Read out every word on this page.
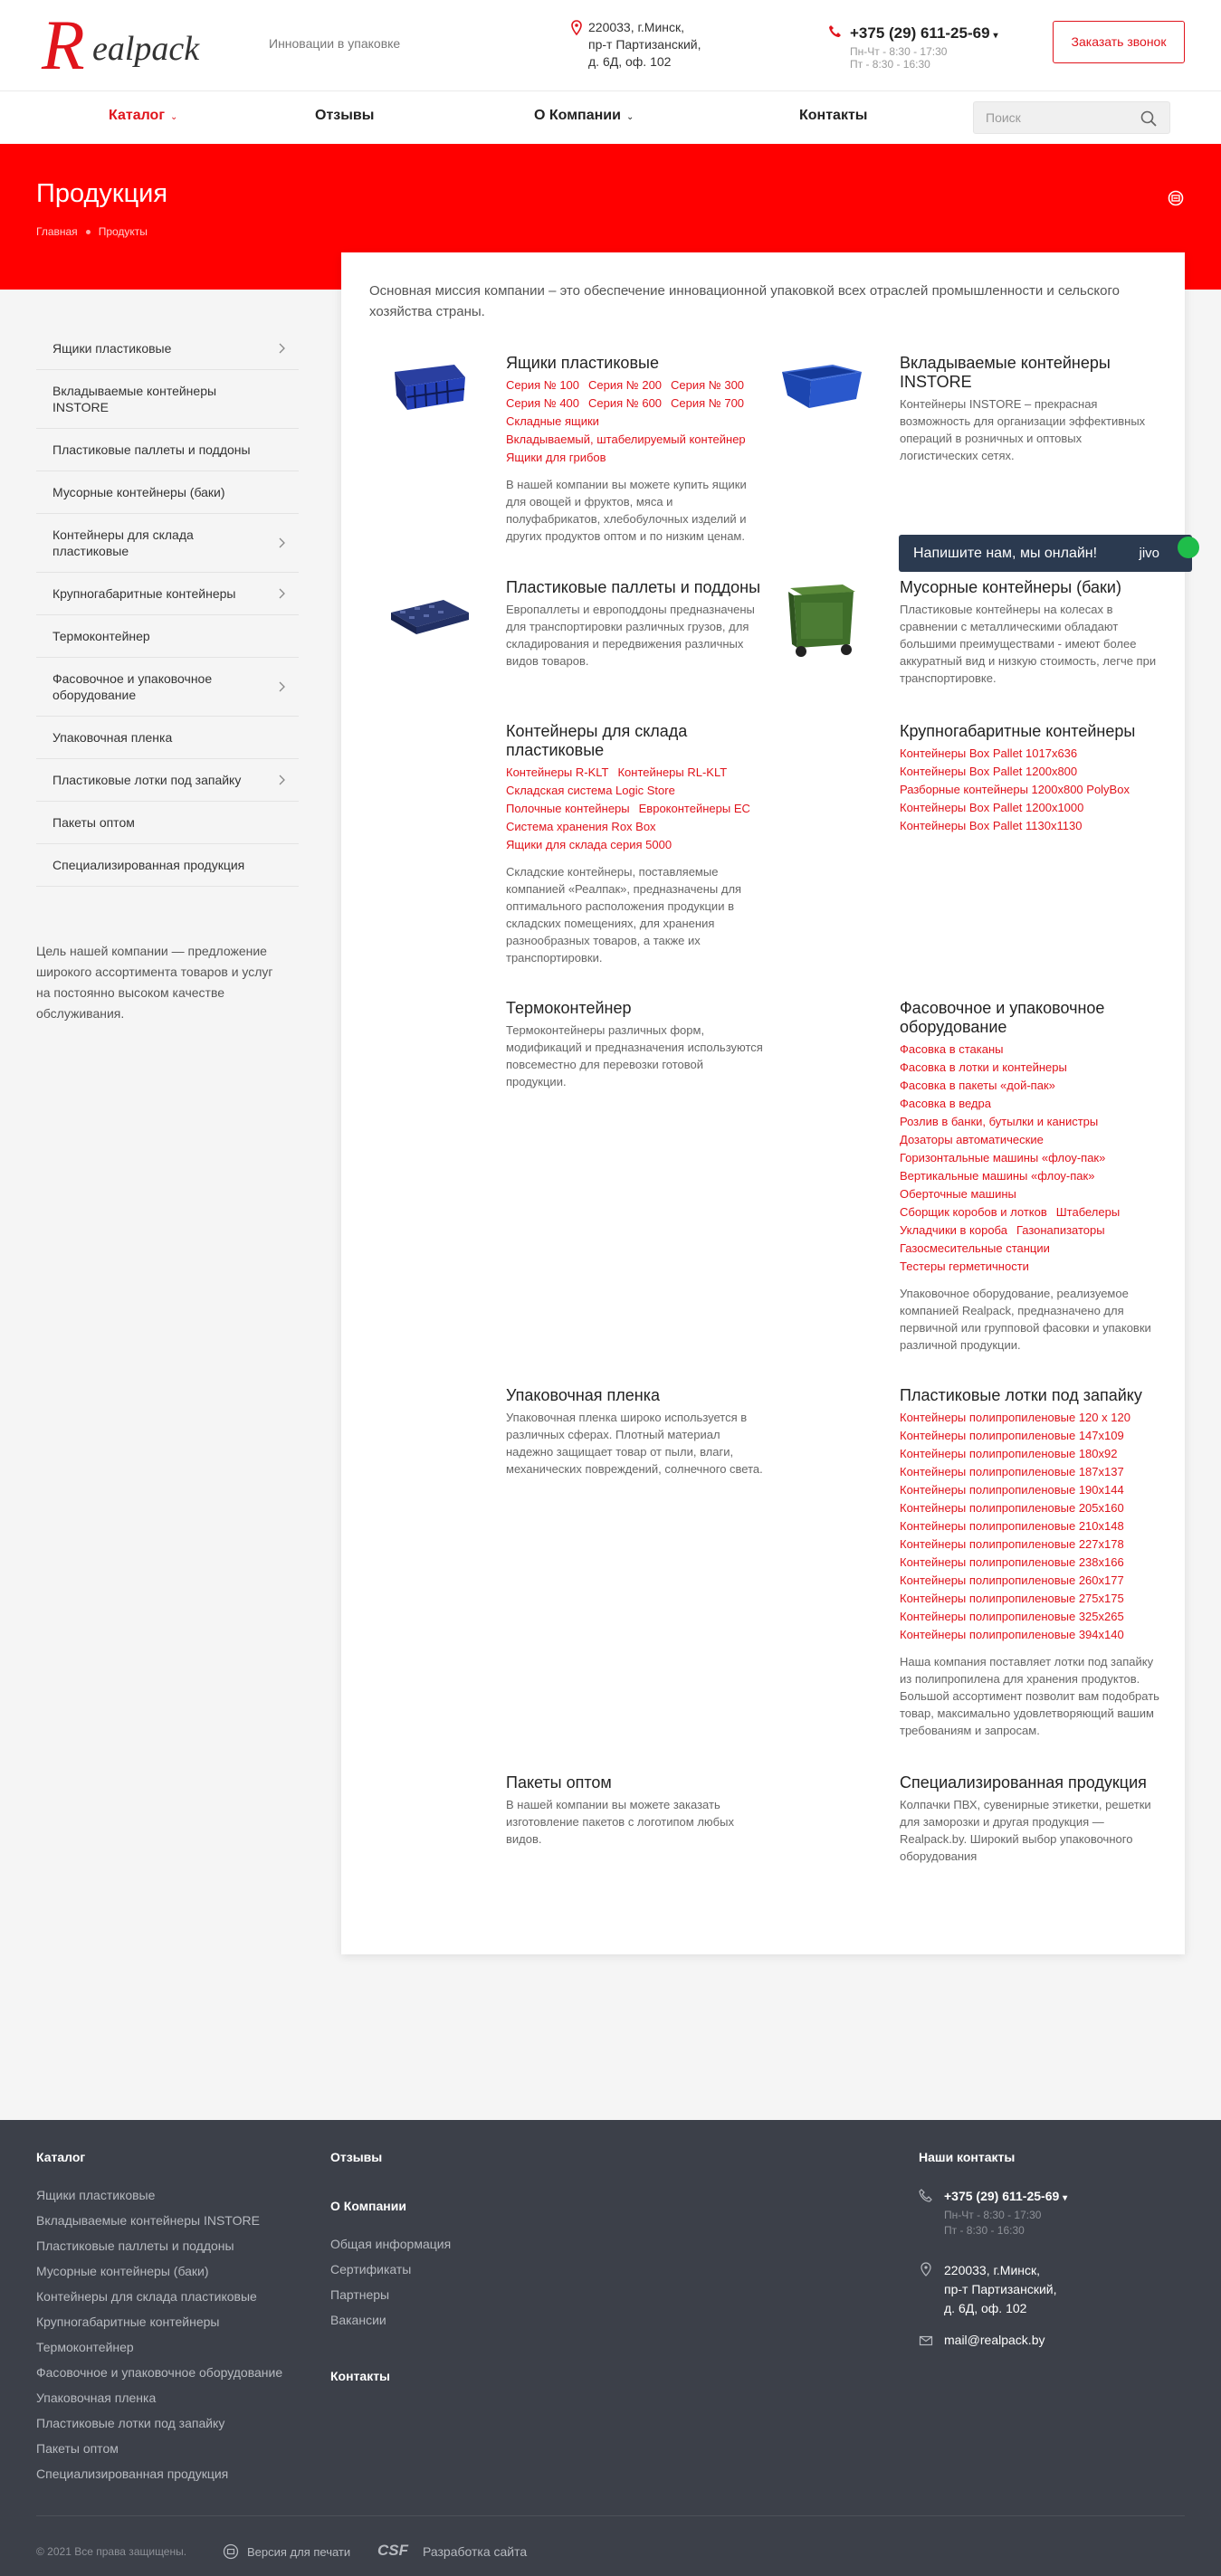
R ealpack	Инновации в упаковке
220033, г.Минск,
пр-т Партизанский,
д. 6Д, оф. 102
+375 (29) 611-25-69 ▾
Пн-Чт - 8:30 - 17:30
Пт - 8:30 - 16:30
Заказать звонок
Каталог ⌄	Отзывы	О Компании ⌄	Контакты
Поиск
Продукция
Главная Продукты
Ящики пластиковые
Вкладываемые контейнеры INSTORE
Пластиковые паллеты и поддоны
Мусорные контейнеры (баки)
Контейнеры для склада пластиковые
Крупногабаритные контейнеры
Термоконтейнер
Фасовочное и упаковочное оборудование
Упаковочная пленка
Пластиковые лотки под запайку
Пакеты оптом
Специализированная продукция
Цель нашей компании — предложение широкого ассортимента товаров и услуг на постоянно высоком качестве обслуживания.
Основная миссия компании – это обеспечение инновационной упаковкой всех отраслей промышленности и сельского хозяйства страны.
Ящики пластиковые
Серия № 100 Серия № 200 Серия № 300Серия № 400 Серия № 600 Серия № 700
Складные ящики
Вкладываемый, штабелируемый контейнер
Ящики для грибов
В нашей компании вы можете купить ящики для овощей и фруктов, мяса и полуфабрикатов, хлебобулочных изделий и других продуктов оптом и по низким ценам.
Вкладываемые контейнеры INSTORE
Контейнеры INSTORE – прекрасная возможность для организации эффективных операций в розничных и оптовых логистических сетях.
Пластиковые паллеты и поддоны
Европаллеты и европоддоны предназначены для транспортировки различных грузов, для складирования и передвижения различных видов товаров.
Мусорные контейнеры (баки)
Пластиковые контейнеры на колесах в сравнении с металлическими обладают большими преимуществами - имеют более аккуратный вид и низкую стоимость, легче при транспортировке.
Контейнеры для склада пластиковые
Контейнеры R-KLT Контейнеры RL-KLT
Складская система Logic Store
Полочные контейнеры Евроконтейнеры EC
Система хранения Rox Box
Ящики для склада серия 5000
Складские контейнеры, поставляемые компанией «Реалпак», предназначены для оптимального расположения продукции в складских помещениях, для хранения разнообразных товаров, а также их транспортировки.
Крупногабаритные контейнеры
Контейнеры Box Pallet 1017x636
Контейнеры Box Pallet 1200x800
Разборные контейнеры 1200x800 PolyBox
Контейнеры Box Pallet 1200x1000
Контейнеры Box Pallet 1130x1130
Термоконтейнер
Термоконтейнеры различных форм, модификаций и предназначения используются повсеместно для перевозки готовой продукции.
Фасовочное и упаковочное оборудование
Фасовка в стаканы
Фасовка в лотки и контейнеры
Фасовка в пакеты «дой-пак»
Фасовка в ведра
Розлив в банки, бутылки и канистры
Дозаторы автоматические
Горизонтальные машины «флоу-пак»
Вертикальные машины «флоу-пак»
Оберточные машины
Сборщик коробов и лотков Штабелеры
Укладчики в короба Газонапизаторы
Газосмесительные станции
Тестеры герметичности
Упаковочное оборудование, реализуемое компанией Realpack, предназначено для первичной или групповой фасовки и упаковки различной продукции.
Упаковочная пленка
Упаковочная пленка широко используется в различных сферах. Плотный материал надежно защищает товар от пыли, влаги, механических повреждений, солнечного света.
Пластиковые лотки под запайку
Контейнеры полипропиленовые 120 x 120
Контейнеры полипропиленовые 147x109
Контейнеры полипропиленовые 180x92
Контейнеры полипропиленовые 187x137
Контейнеры полипропиленовые 190x144
Контейнеры полипропиленовые 205x160
Контейнеры полипропиленовые 210x148
Контейнеры полипропиленовые 227x178
Контейнеры полипропиленовые 238x166
Контейнеры полипропиленовые 260x177
Контейнеры полипропиленовые 275x175
Контейнеры полипропиленовые 325x265
Контейнеры полипропиленовые 394x140
Наша компания поставляет лотки под запайку из полипропилена для хранения продуктов. Большой ассортимент позволит вам подобрать товар, максимально удовлетворяющий вашим требованиям и запросам.
Пакеты оптом
В нашей компании вы можете заказать изготовление пакетов с логотипом любых видов.
Специализированная продукция
Колпачки ПВХ, сувенирные этикетки, решетки для заморозки и другая продукция — Realpack.by. Широкий выбор упаковочного оборудования
Напишите нам, мы онлайн!	jivo
Каталог
Ящики пластиковые
Вкладываемые контейнеры INSTORE
Пластиковые паллеты и поддоны
Мусорные контейнеры (баки)
Контейнеры для склада пластиковые
Крупногабаритные контейнеры
Термоконтейнер
Фасовочное и упаковочное оборудование
Упаковочная пленка
Пластиковые лотки под запайку
Пакеты оптом
Специализированная продукция
Отзывы
О Компании
Общая информация
Сертификаты
Партнеры
Вакансии
Контакты
Наши контакты
+375 (29) 611-25-69 ▾
Пн-Чт - 8:30 - 17:30
Пт - 8:30 - 16:30
220033, г.Минск,
пр-т Партизанский,
д. 6Д, оф. 102
mail@realpack.by
© 2021 Все права защищены.	Версия для печати CSF Разработка сайта
